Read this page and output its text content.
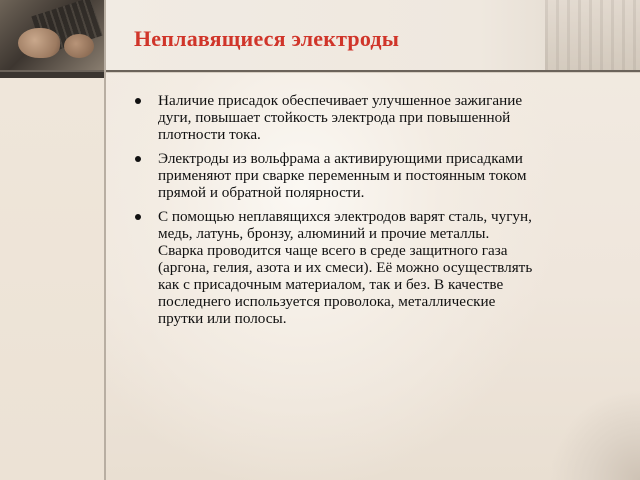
Неплавящиеся электроды
Наличие присадок обеспечивает улучшенное зажигание дуги, повышает стойкость электрода при повышенной плотности тока.
Электроды из вольфрама а активирующими присадками применяют при сварке переменным и постоянным током прямой и обратной полярности.
С помощью неплавящихся электродов варят сталь, чугун, медь, латунь, бронзу, алюминий и прочие металлы. Сварка проводится чаще всего в среде защитного газа (аргона, гелия, азота и их смеси). Её можно осуществлять как с присадочным материалом, так и без. В качестве последнего используется проволока, металлические прутки или полосы.
